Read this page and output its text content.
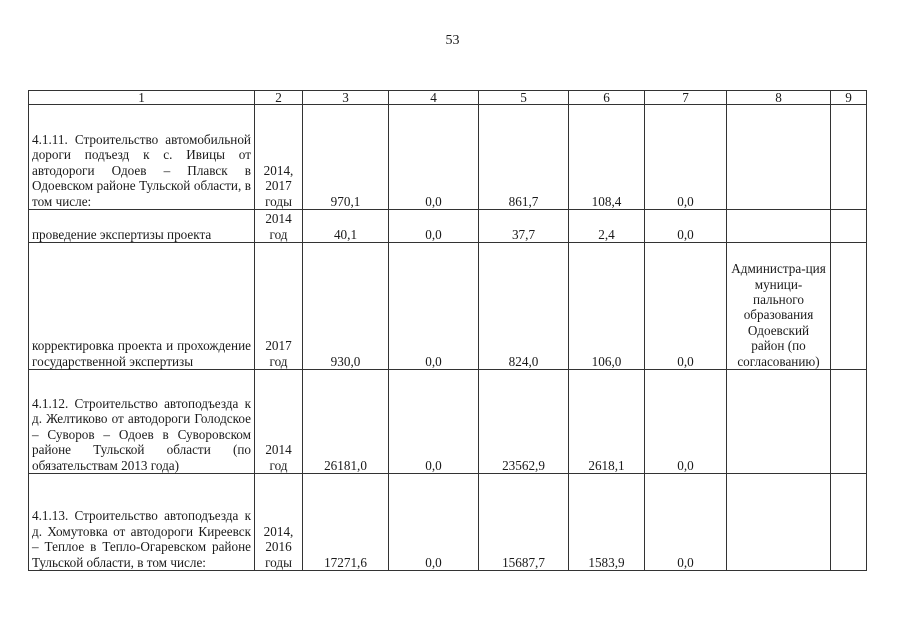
53
1	2	3	4	5	6	7	8	9
4.1.11. Строительство автомобильной дороги подъезд к с. Ивицы от автодороги Одоев – Плавск в Одоевском районе Тульской области, в том числе:	2014, 2017 годы	970,1	0,0	861,7	108,4	0,0		
проведение экспертизы проекта	2014 год	40,1	0,0	37,7	2,4	0,0		
корректировка проекта и прохождение государственной экспертизы	2017 год	930,0	0,0	824,0	106,0	0,0	Администра-ция муници-пального образования Одоевский район (по согласованию)	
4.1.12. Строительство автоподъезда к д. Желтиково от автодороги Голодское – Суворов – Одоев в Суворовском районе Тульской области (по обязательствам 2013 года)	2014 год	26181,0	0,0	23562,9	2618,1	0,0		
4.1.13. Строительство автоподъезда к д. Хомутовка от автодороги Киреевск – Теплое в Тепло-Огаревском районе Тульской области, в том числе:	2014, 2016 годы	17271,6	0,0	15687,7	1583,9	0,0		
